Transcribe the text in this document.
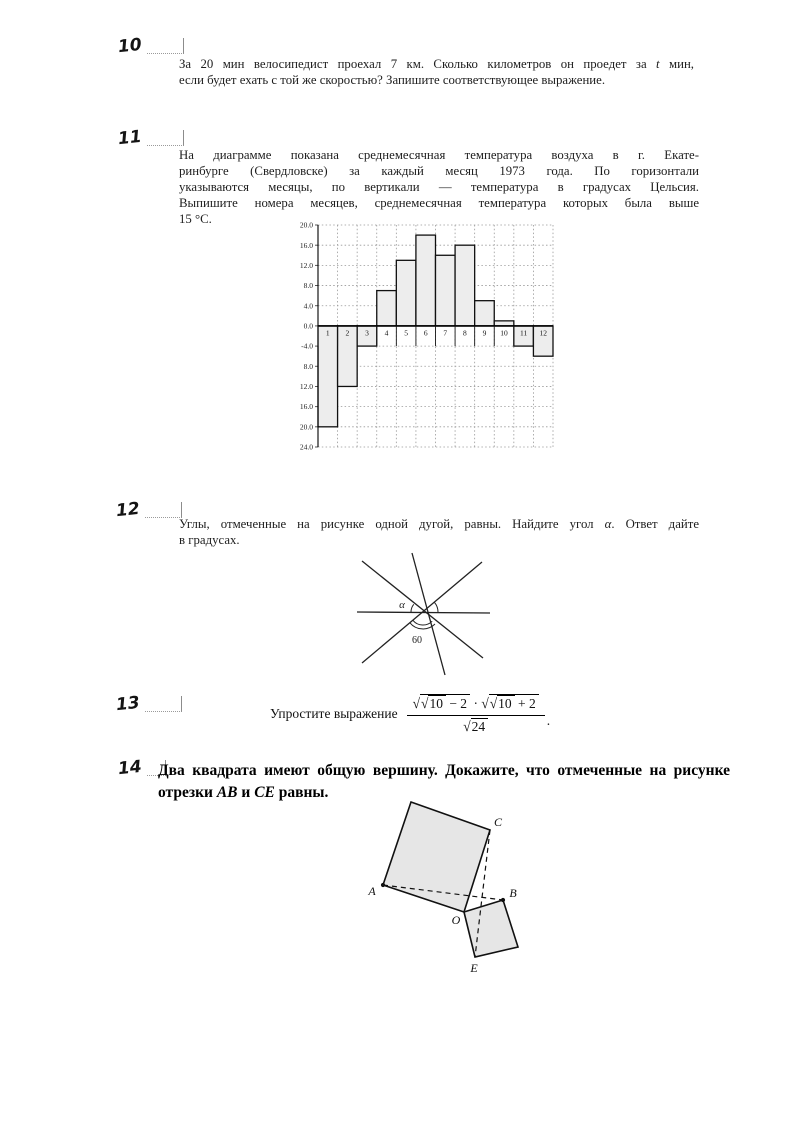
10
За 20 мин велосипедист проехал 7 км. Сколько километров он проедет за t мин,
если будет ехать с той же скоростью? Запишите соответствующее выражение.
11
На диаграмме показана среднемесячная температура воздуха в г. Екате-
ринбурге (Свердловске) за каждый месяц 1973 года. По горизонтали
указываются месяцы, по вертикали — температура в градусах Цельсия.
Выпишите номера месяцев, среднемесячная температура которых была выше
15 °C.	20.0
16.0
12.0
8.0
4.0
0.0
-4.0
8.0
12.0
16.0
20.0
24.0
1 2 3 4 5 6 7 8 9 10 11 12
12
Углы, отмеченные на рисунке одной дугой, равны. Найдите угол α. Ответ дайте
в градусах.
α
60
13	Упростите выражение $\frac{√√10 - 2 \cdot √√10 + 2}{√24}$ .
14 Два квадрата имеют общую вершину. Докажите, что отмеченные на рисунке
отрезки AB и CE равны.
A
C
O
B
E
